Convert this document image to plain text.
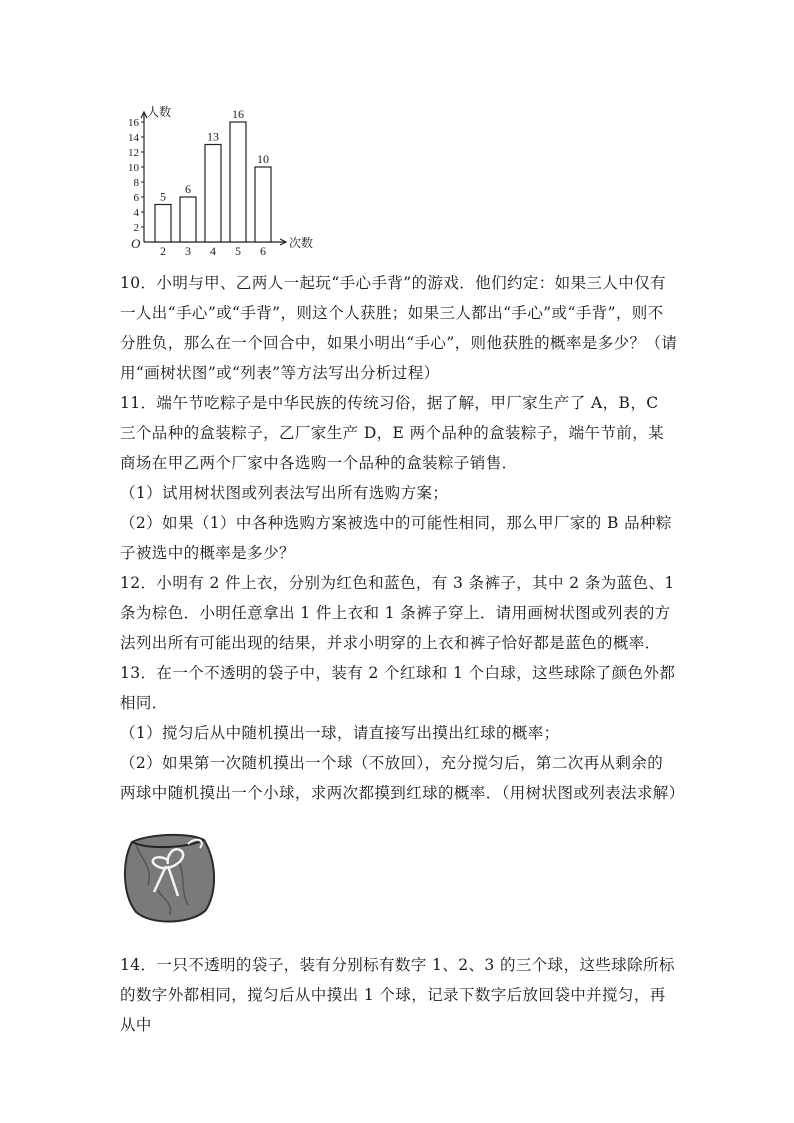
人数
次数
O
2
4
6
8
10
12
14
16
5
2
6
3
13
4
16
5
10
6

10．小明与甲、乙两人一起玩“手心手背”的游戏．他们约定：如果三人中仅有一人出“手心”或“手背”，则这个人获胜；如果三人都出“手心”或“手背”，则不分胜负，那么在一个回合中，如果小明出“手心”，则他获胜的概率是多少？（请用“画树状图”或“列表”等方法写出分析过程）

11．端午节吃粽子是中华民族的传统习俗，据了解，甲厂家生产了 A，B，C 三个品种的盒装粽子，乙厂家生产 D，E 两个品种的盒装粽子，端午节前，某商场在甲乙两个厂家中各选购一个品种的盒装粽子销售．

（1）试用树状图或列表法写出所有选购方案；

（2）如果（1）中各种选购方案被选中的可能性相同，那么甲厂家的 B 品种粽子被选中的概率是多少？

12．小明有 2 件上衣，分别为红色和蓝色，有 3 条裤子，其中 2 条为蓝色、1 条为棕色．小明任意拿出 1 件上衣和 1 条裤子穿上．请用画树状图或列表的方法列出所有可能出现的结果，并求小明穿的上衣和裤子恰好都是蓝色的概率．

13．在一个不透明的袋子中，装有 2 个红球和 1 个白球，这些球除了颜色外都相同．

（1）搅匀后从中随机摸出一球，请直接写出摸出红球的概率；

（2）如果第一次随机摸出一个球（不放回），充分搅匀后，第二次再从剩余的两球中随机摸出一个小球，求两次都摸到红球的概率．（用树状图或列表法求解）

14．一只不透明的袋子，装有分别标有数字 1、2、3 的三个球，这些球除所标的数字外都相同，搅匀后从中摸出 1 个球，记录下数字后放回袋中并搅匀，再从中
